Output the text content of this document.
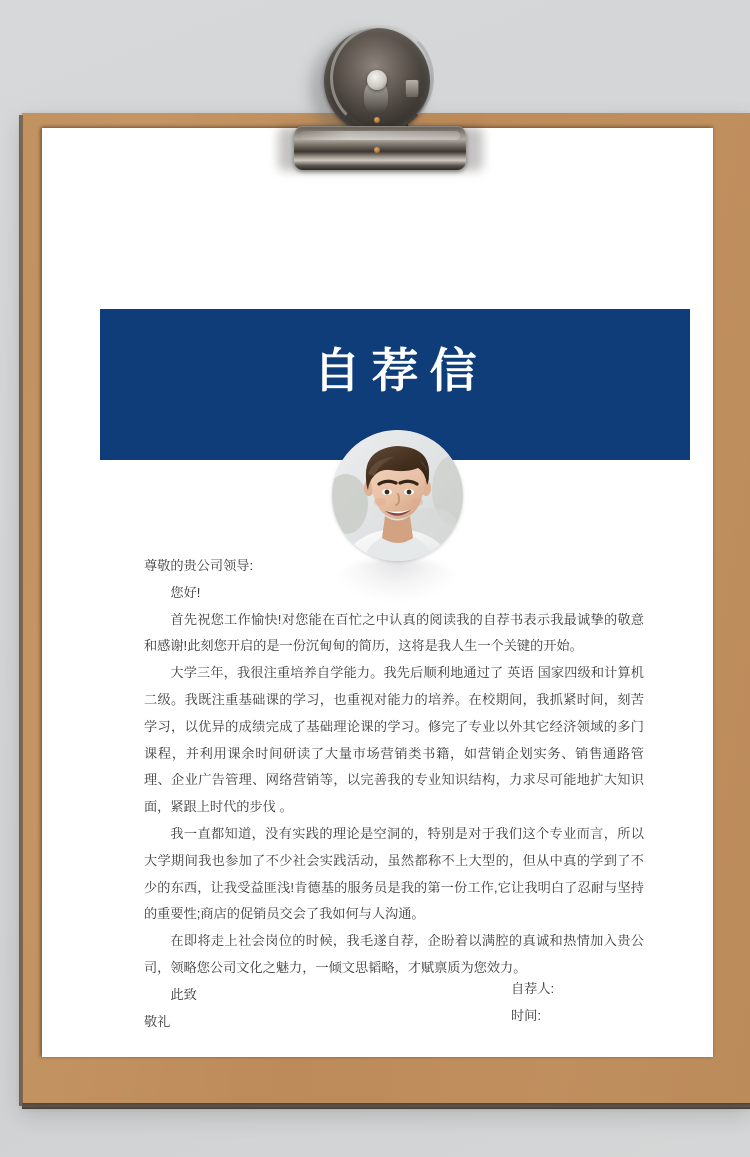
自荐信

尊敬的贵公司领导:

您好!

首先祝您工作愉快!对您能在百忙之中认真的阅读我的自荐书表示我最诚挚的敬意和感谢!此刻您开启的是一份沉甸甸的简历，这将是我人生一个关键的开始。

大学三年，我很注重培养自学能力。我先后顺利地通过了 英语 国家四级和计算机二级。我既注重基础课的学习，也重视对能力的培养。在校期间，我抓紧时间，刻苦学习，以优异的成绩完成了基础理论课的学习。修完了专业以外其它经济领域的多门课程，并利用课余时间研读了大量市场营销类书籍，如营销企划实务、销售通路管理、企业广告管理、网络营销等，以完善我的专业知识结构，力求尽可能地扩大知识面，紧跟上时代的步伐 。

我一直都知道，没有实践的理论是空洞的，特别是对于我们这个专业而言，所以大学期间我也参加了不少社会实践活动，虽然都称不上大型的，但从中真的学到了不少的东西，让我受益匪浅!肯德基的服务员是我的第一份工作,它让我明白了忍耐与坚持的重要性;商店的促销员交会了我如何与人沟通。

在即将走上社会岗位的时候，我毛遂自荐，企盼着以满腔的真诚和热情加入贵公司，领略您公司文化之魅力，一倾文思韬略，才赋禀质为您效力。

此致

敬礼

自荐人:
时间:
